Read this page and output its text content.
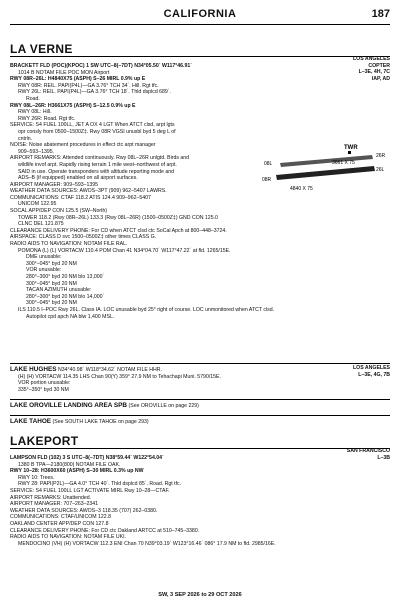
CALIFORNIA	187
LA VERNE
LOS ANGELES
COPTER
L–3E, 4H, 7C
IAP, AD
BRACKETT FLD (POC)(KPOC) 1 SW UTC–8(–7DT) N34°05.50´ W117°46.91´
1014 B NOTAM FILE POC MON Airport
RWY 08R–26L: H4840X75 (ASPH) S–26 MIRL 0.9% up E
RWY 08R: REIL. PAPI(P4L)—GA 3.76° TCH 34´. Hill. Rgt tfc.
RWY 26L: REIL. PAPI(P4L)—GA 3.76° TCH 18´. Thld dsplcd 689´.
Road.
RWY 08L–26R: H3661X75 (ASPH) S–12.5 0.9% up E
RWY 08L: Hill.
RWY 26R: Road. Rgt tfc.
SERVICE: S4 FUEL 100LL, JET A OX 4 LGT When ATCT clsd, arpt lgts
opr consly from 0500–1500Z‡. Rwy 08R VGSI unusbl byd 5 deg L of
cntrln.
NOISE: Noise abatement procedures in effect ctc arpt manager
909–593–1395.
AIRPORT REMARKS: Attended continuously. Rwy 08L–26R unlgtd. Birds and
wildlife invof arpt. Rapidly rising terrain 1 mile west–northwest of arpt.
SAID in use. Operate transponders with altitude reporting mode and
ADS–B (if equipped) enabled on all airport surfaces.
AIRPORT MANAGER: 909–593–1395
WEATHER DATA SOURCES: AWOS–3PT (909) 962–5407 LAWRS.
COMMUNICATIONS: CTAF 118.2 ATIS 124.4 909–962–5407
UNICOM 122.95
SOCAL APP/DEP CON 125.5 (SW–North)
TOWER 118.2 (Rwy 08R–26L) 133.3 (Rwy 08L–26R) (1500–0500Z‡) GND CON 125.0
CLNC DEL 121.875
CLEARANCE DELIVERY PHONE: For CD when ATCT clsd ctc SoCal Apch at 800–448–3724.
AIRSPACE: CLASS D svc 1500–0500Z‡ other times CLASS G.
RADIO AIDS TO NAVIGATION: NOTAM FILE RAL.
POMONA (L) (L) VORTACW 110.4 POM Chan 41 N34°04.70´ W117°47.22´ at fld. 1265/15E.
DME unusable:
300°–045° byd 20 NM
VOR unusable:
280°–300° byd 20 NM blo 13,000´
300°–045° byd 20 NM
TACAN AZIMUTH unusable:
280°–300° byd 20 NM blo 14,000´
300°–045° byd 20 NM
ILS 110.5 I–POC Rwy 26L. Class IA. LOC unusable byd 25° right of course. LOC unmonitored when ATCT clsd.
Autopilot cpd apch NA blw 1,400 MSL.
TWR
3661 X 75
4840 X 75
08L
26R
08R
26L
LOS ANGELES
L–3E, 4G, 7B
LAKE HUGHES N34°40.98´ W118°34.62´ NOTAM FILE HHR.
(H) (H) VORTACW 114.35 LHS Chan 90(Y) 359° 27.9 NM to Tehachapi Muni. 5790/15E.
VOR portion unusable:
335°–350° byd 30 NM
LAKE OROVILLE LANDING AREA SPB (See OROVILLE on page 229)
LAKE TAHOE (See SOUTH LAKE TAHOE on page 293)
LAKEPORT
SAN FRANCISCO
L–3B
LAMPSON FLD (102) 3 S UTC–8(–7DT) N38°59.44´ W122°54.04´
1380 B TPA—2180(800) NOTAM FILE OAK.
RWY 10–28: H3600X60 (ASPH) S–30 MIRL 0.3% up NW
RWY 10: Trees.
RWY 28: PAPI(P2L)—GA 4.0° TCH 40´. Thld dsplcd 85´. Road. Rgt tfc.
SERVICE: S4 FUEL 100LL LGT ACTIVATE MIRL Rwy 10–28—CTAF.
AIRPORT REMARKS: Unattended.
AIRPORT MANAGER: 707–263–2341
WEATHER DATA SOURCES: AWOS–3 118.35 (707) 262–0380.
COMMUNICATIONS: CTAF/UNICOM 122.8
OAKLAND CENTER APP/DEP CON 127.8
CLEARANCE DELIVERY PHONE: For CD ctc Oakland ARTCC at 510–745–3380.
RADIO AIDS TO NAVIGATION: NOTAM FILE UKI.
MENDOCINO (VH) (H) VORTACW 112.3 ENI Chan 70 N39°03.19´ W123°16.46´ 086° 17.9 NM to fld. 2985/16E.
SW, 3 SEP 2026 to 29 OCT 2026
